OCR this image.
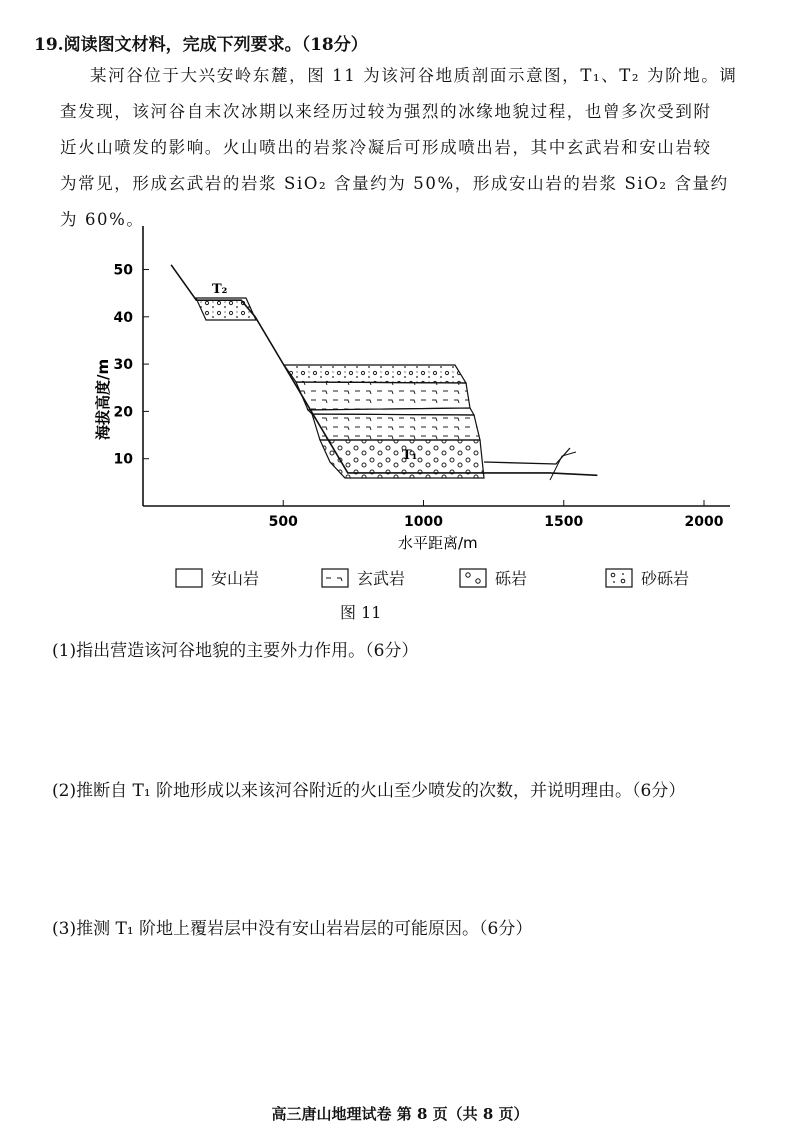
19.阅读图文材料，完成下列要求。（18分）
某河谷位于大兴安岭东麓，图 11 为该河谷地质剖面示意图，T₁、T₂ 为阶地。调
查发现，该河谷自末次冰期以来经历过较为强烈的冰缘地貌过程，也曾多次受到附
近火山喷发的影响。火山喷出的岩浆冷凝后可形成喷出岩，其中玄武岩和安山岩较
为常见，形成玄武岩的岩浆 SiO₂ 含量约为 50%，形成安山岩的岩浆 SiO₂ 含量约
为 60%。
500	1000	1500	2000
10
20
30
40
50
T₂
T₁
海拔高度/m
水平距离/m
安山岩	玄武岩	砾岩	砂砾岩
图 11
(1)指出营造该河谷地貌的主要外力作用。（6分）
(2)推断自 T₁ 阶地形成以来该河谷附近的火山至少喷发的次数，并说明理由。（6分）
(3)推测 T₁ 阶地上覆岩层中没有安山岩岩层的可能原因。（6分）
高三唐山地理试卷 第 8 页（共 8 页）
